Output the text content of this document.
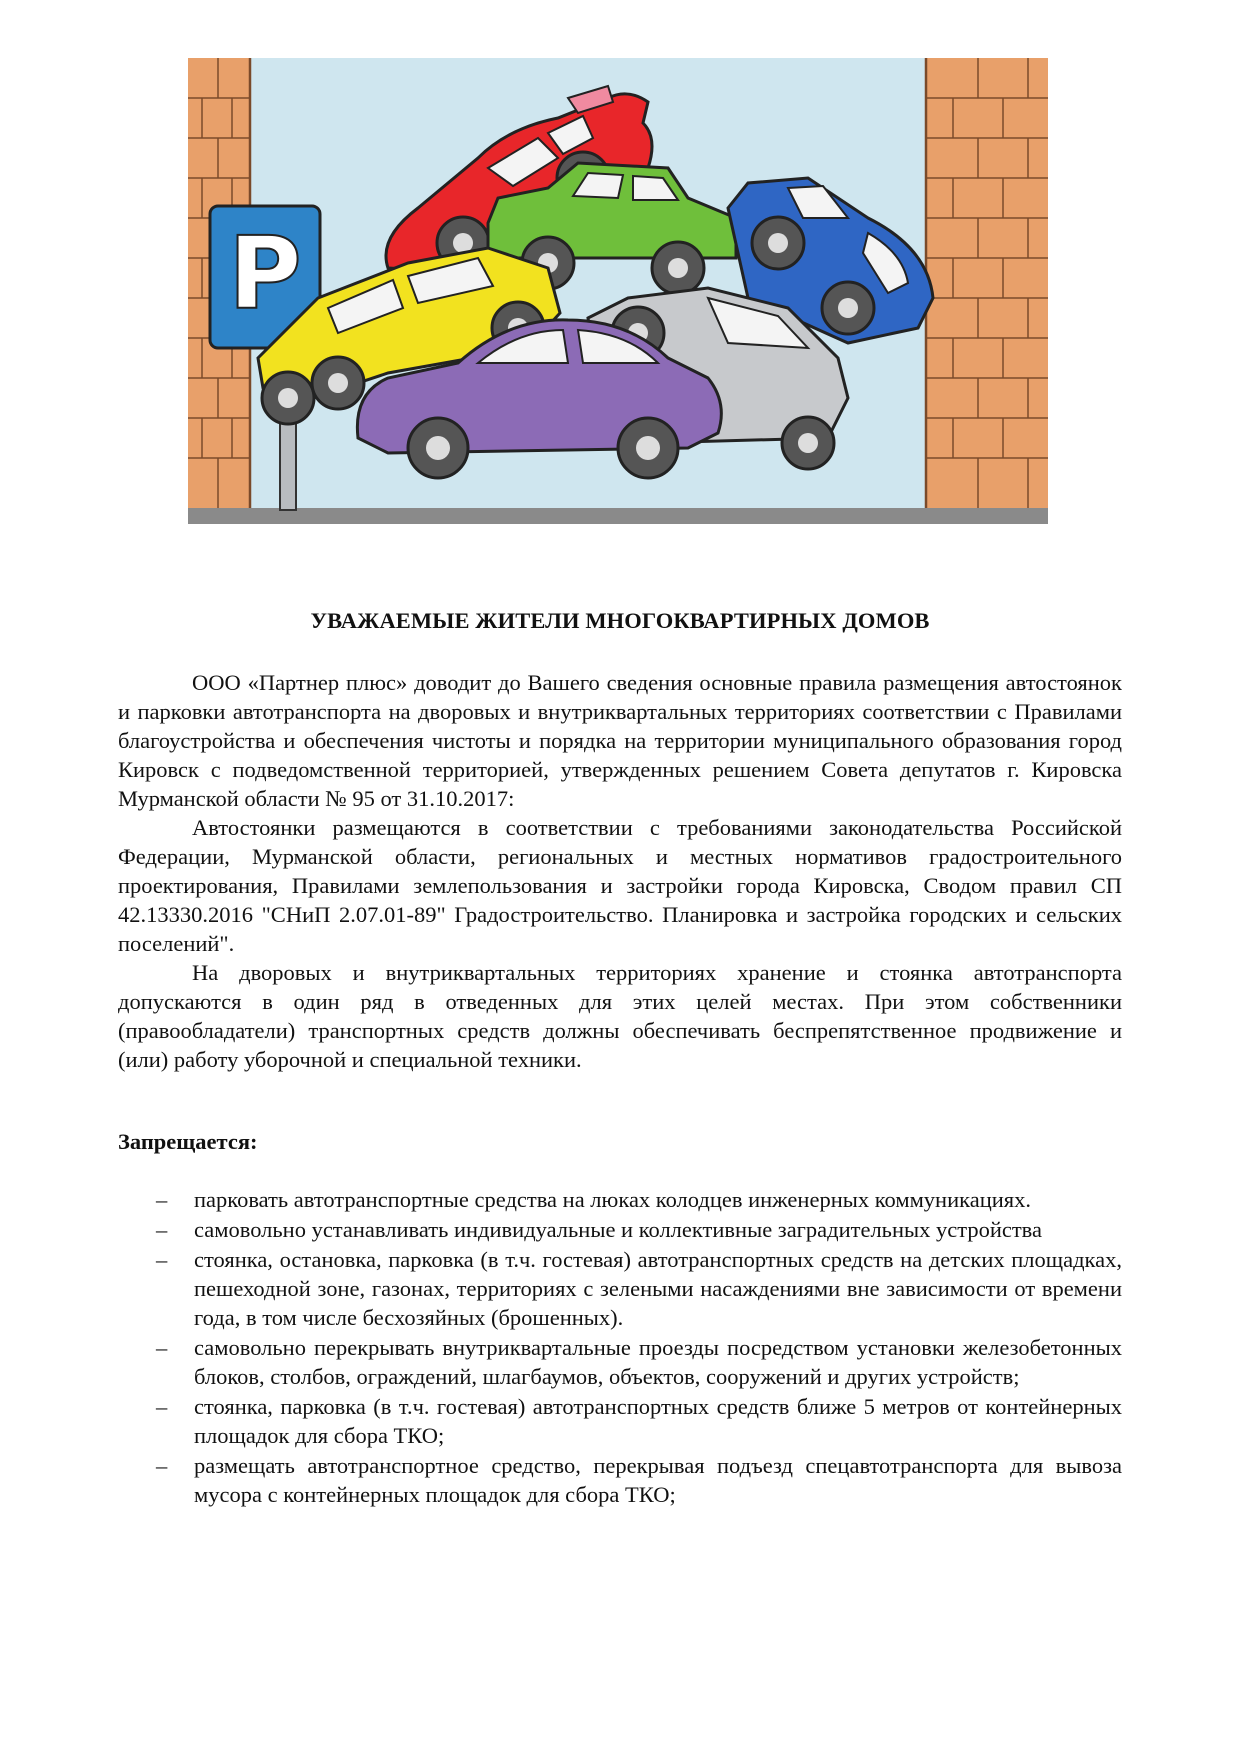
P
УВАЖАЕМЫЕ ЖИТЕЛИ МНОГОКВАРТИРНЫХ ДОМОВ

ООО «Партнер плюс» доводит до Вашего сведения основные правила размещения автостоянок и парковки автотранспорта на дворовых и внутриквартальных территориях соответствии с Правилами благоустройства и обеспечения чистоты и порядка на территории муниципального образования город Кировск с подведомственной территорией, утвержденных решением Совета депутатов г. Кировска Мурманской области № 95 от 31.10.2017:

Автостоянки размещаются в соответствии с требованиями законодательства Российской Федерации, Мурманской области, региональных и местных нормативов градостроительного проектирования, Правилами землепользования и застройки города Кировска, Сводом правил СП 42.13330.2016 "СНиП 2.07.01-89" Градостроительство. Планировка и застройка городских и сельских поселений".

На дворовых и внутриквартальных территориях хранение и стоянка автотранспорта допускаются в один ряд в отведенных для этих целей местах. При этом собственники (правообладатели) транспортных средств должны обеспечивать беспрепятственное продвижение и (или) работу уборочной и специальной техники.

Запрещается:
– парковать автотранспортные средства на люках колодцев инженерных коммуникациях.
– самовольно устанавливать индивидуальные и коллективные заградительных устройства
– стоянка, остановка, парковка (в т.ч. гостевая) автотранспортных средств на детских площадках, пешеходной зоне, газонах, территориях с зелеными насаждениями вне зависимости от времени года, в том числе бесхозяйных (брошенных).
– самовольно перекрывать внутриквартальные проезды посредством установки железобетонных блоков, столбов, ограждений, шлагбаумов, объектов, сооружений и других устройств;
– стоянка, парковка (в т.ч. гостевая) автотранспортных средств ближе 5 метров от контейнерных площадок для сбора ТКО;
– размещать автотранспортное средство, перекрывая подъезд спецавтотранспорта для вывоза мусора с контейнерных площадок для сбора ТКО;
